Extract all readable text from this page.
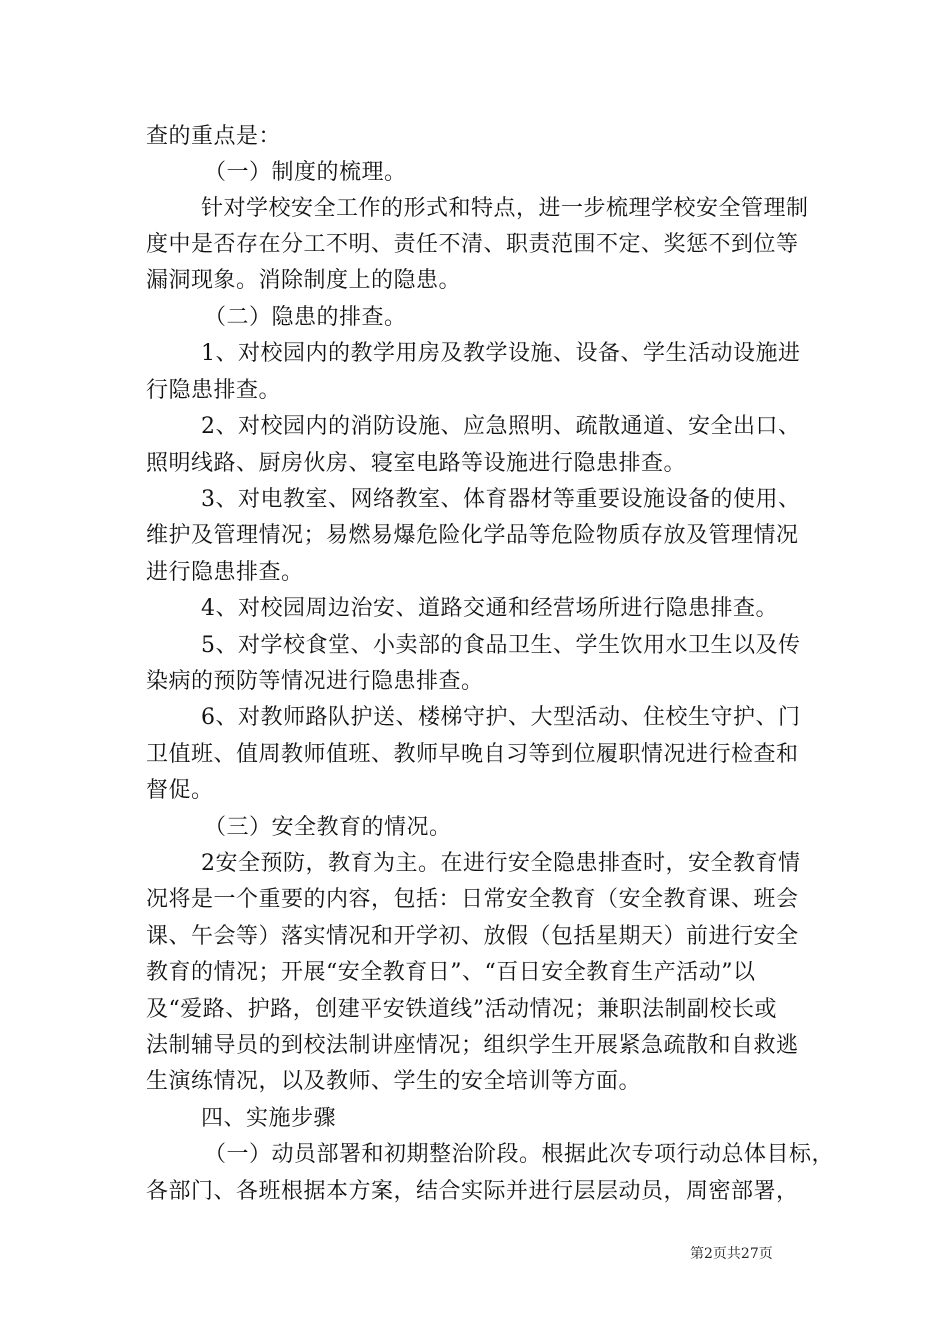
查的重点是：
（一）制度的梳理。
针对学校安全工作的形式和特点，进一步梳理学校安全管理制
度中是否存在分工不明、责任不清、职责范围不定、奖惩不到位等
漏洞现象。消除制度上的隐患。
（二）隐患的排查。
1、对校园内的教学用房及教学设施、设备、学生活动设施进
行隐患排查。
2、对校园内的消防设施、应急照明、疏散通道、安全出口、
照明线路、厨房伙房、寝室电路等设施进行隐患排查。
3、对电教室、网络教室、体育器材等重要设施设备的使用、
维护及管理情况；易燃易爆危险化学品等危险物质存放及管理情况
进行隐患排查。
4、对校园周边治安、道路交通和经营场所进行隐患排查。
5、对学校食堂、小卖部的食品卫生、学生饮用水卫生以及传
染病的预防等情况进行隐患排查。
6、对教师路队护送、楼梯守护、大型活动、住校生守护、门
卫值班、值周教师值班、教师早晚自习等到位履职情况进行检查和
督促。
（三）安全教育的情况。
2安全预防，教育为主。在进行安全隐患排查时，安全教育情
况将是一个重要的内容，包括：日常安全教育（安全教育课、班会
课、午会等）落实情况和开学初、放假（包括星期天）前进行安全
教育的情况；开展“安全教育日”、“百日安全教育生产活动”以
及“爱路、护路，创建平安铁道线”活动情况；兼职法制副校长或
法制辅导员的到校法制讲座情况；组织学生开展紧急疏散和自救逃
生演练情况，以及教师、学生的安全培训等方面。
四、实施步骤
（一）动员部署和初期整治阶段。根据此次专项行动总体目标，
各部门、各班根据本方案，结合实际并进行层层动员，周密部署，
第2页共27页
